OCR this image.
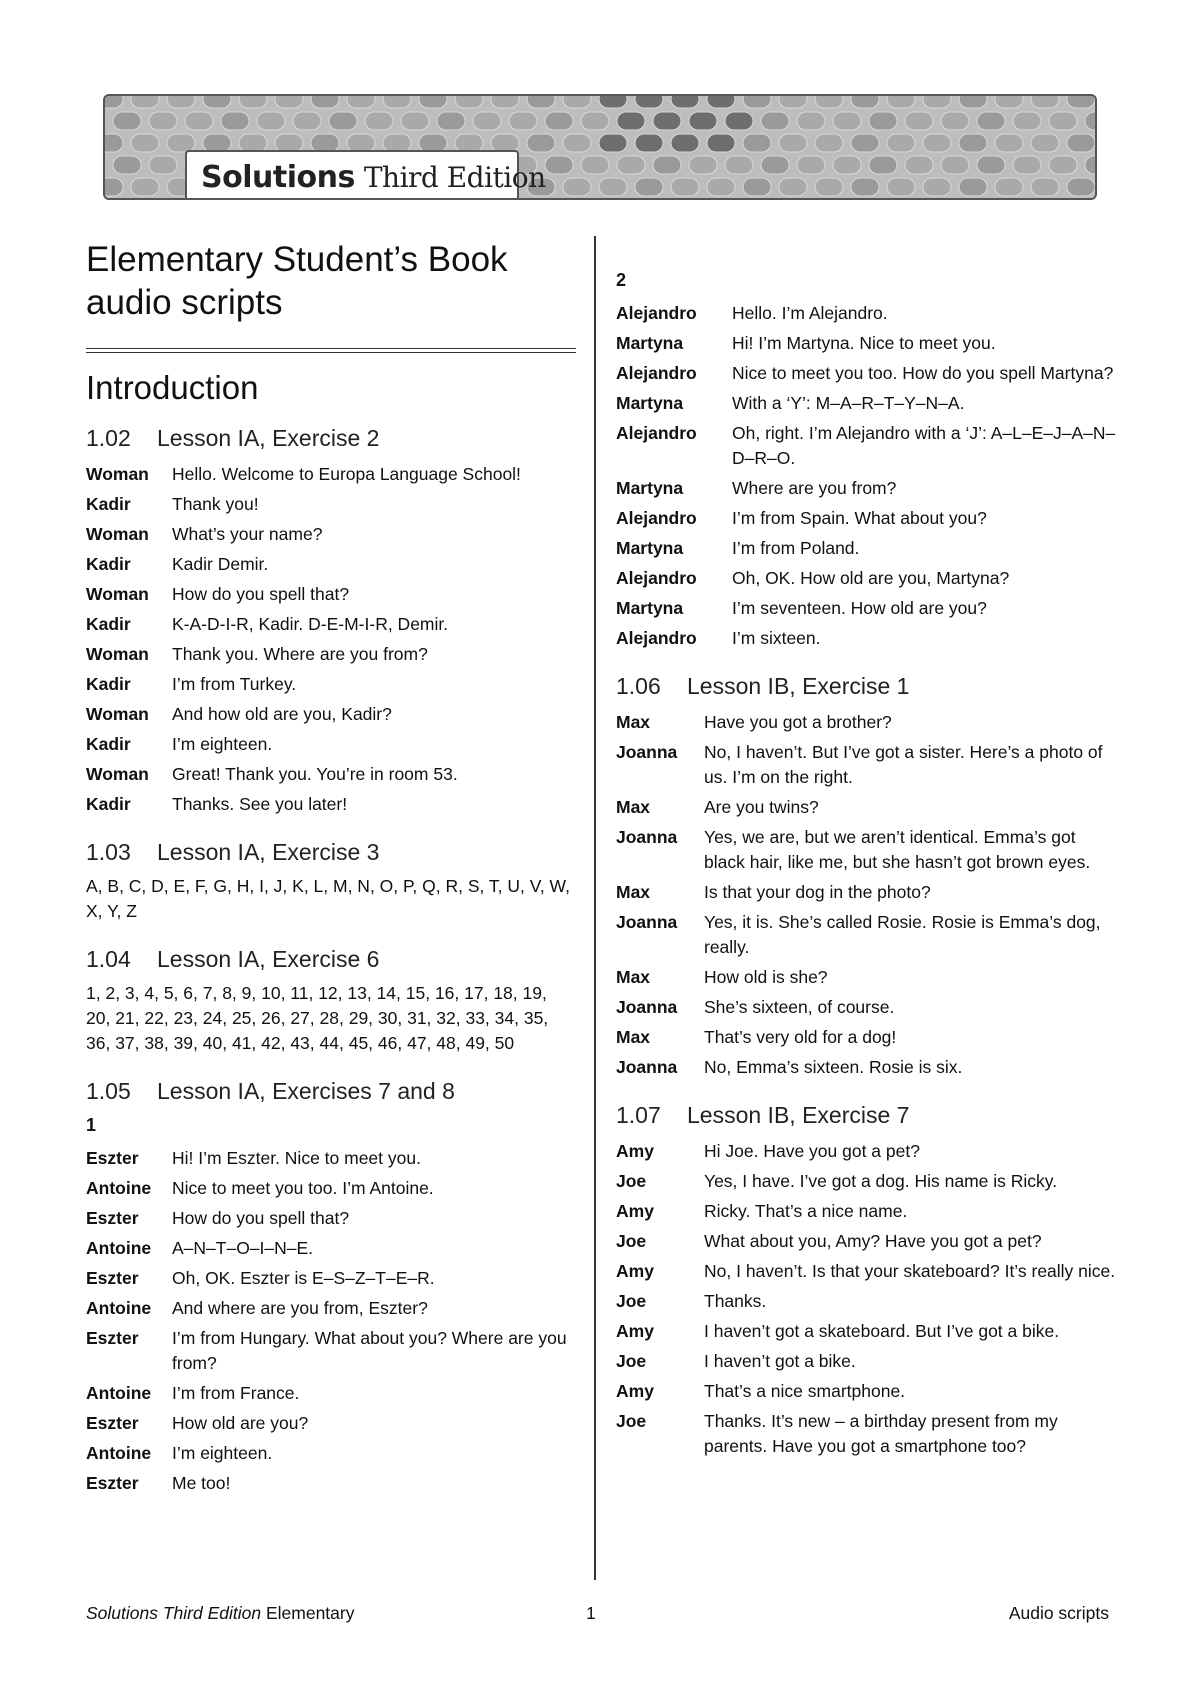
Solutions Third Edition
Elementary Student’s Book
audio scripts
Introduction
1.02	Lesson IA, Exercise 2
Woman	Hello. Welcome to Europa Language School!
Kadir	Thank you!
Woman	What’s your name?
Kadir	Kadir Demir.
Woman	How do you spell that?
Kadir	K-A-D-I-R, Kadir. D-E-M-I-R, Demir.
Woman	Thank you. Where are you from?
Kadir	I’m from Turkey.
Woman	And how old are you, Kadir?
Kadir	I’m eighteen.
Woman	Great! Thank you. You’re in room 53.
Kadir	Thanks. See you later!
1.03	Lesson IA, Exercise 3
A, B, C, D, E, F, G, H, I, J, K, L, M, N, O, P, Q, R, S, T, U, V, W, X, Y, Z
1.04	Lesson IA, Exercise 6
1, 2, 3, 4, 5, 6, 7, 8, 9, 10, 11, 12, 13, 14, 15, 16, 17, 18, 19, 20, 21, 22, 23, 24, 25, 26, 27, 28, 29, 30, 31, 32, 33, 34, 35, 36, 37, 38, 39, 40, 41, 42, 43, 44, 45, 46, 47, 48, 49, 50
1.05	Lesson IA, Exercises 7 and 8
1
Eszter	Hi! I’m Eszter. Nice to meet you.
Antoine	Nice to meet you too. I’m Antoine.
Eszter	How do you spell that?
Antoine	A–N–T–O–I–N–E.
Eszter	Oh, OK. Eszter is E–S–Z–T–E–R.
Antoine	And where are you from, Eszter?
Eszter	I’m from Hungary. What about you? Where are you from?
Antoine	I’m from France.
Eszter	How old are you?
Antoine	I’m eighteen.
Eszter	Me too!
2
Alejandro	Hello. I’m Alejandro.
Martyna	Hi! I’m Martyna. Nice to meet you.
Alejandro	Nice to meet you too. How do you spell Martyna?
Martyna	With a ‘Y’: M–A–R–T–Y–N–A.
Alejandro	Oh, right. I’m Alejandro with a ‘J’: A–L–E–J–A–N–D–R–O.
Martyna	Where are you from?
Alejandro	I’m from Spain. What about you?
Martyna	I’m from Poland.
Alejandro	Oh, OK. How old are you, Martyna?
Martyna	I’m seventeen. How old are you?
Alejandro	I’m sixteen.
1.06	Lesson IB, Exercise 1
Max	Have you got a brother?
Joanna	No, I haven’t. But I’ve got a sister. Here’s a photo of us. I’m on the right.
Max	Are you twins?
Joanna	Yes, we are, but we aren’t identical. Emma’s got black hair, like me, but she hasn’t got brown eyes.
Max	Is that your dog in the photo?
Joanna	Yes, it is. She’s called Rosie. Rosie is Emma’s dog, really.
Max	How old is she?
Joanna	She’s sixteen, of course.
Max	That’s very old for a dog!
Joanna	No, Emma’s sixteen. Rosie is six.
1.07	Lesson IB, Exercise 7
Amy	Hi Joe. Have you got a pet?
Joe	Yes, I have. I’ve got a dog. His name is Ricky.
Amy	Ricky. That’s a nice name.
Joe	What about you, Amy? Have you got a pet?
Amy	No, I haven’t. Is that your skateboard? It’s really nice.
Joe	Thanks.
Amy	I haven’t got a skateboard. But I’ve got a bike.
Joe	I haven’t got a bike.
Amy	That’s a nice smartphone.
Joe	Thanks. It’s new – a birthday present from my parents. Have you got a smartphone too?
Solutions Third Edition Elementary	1	Audio scripts
